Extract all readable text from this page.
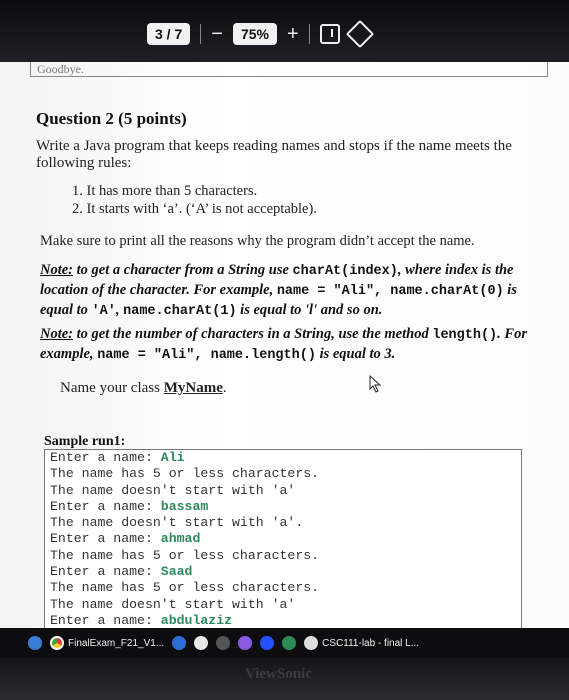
3 / 7	−	75% +
Goodbye.
Question 2 (5 points)
Write a Java program that keeps reading names and stops if the name meets the following rules:
1. It has more than 5 characters.
2. It starts with ‘a’. (‘A’ is not acceptable).
Make sure to print all the reasons why the program didn’t accept the name.
Note: to get a character from a String use charAt(index), where index is the location of the character. For example, name = "Ali", name.charAt(0) is equal to 'A', name.charAt(1) is equal to 'l' and so on.
Note: to get the number of characters in a String, use the method length(). For example, name = "Ali", name.length() is equal to 3.
Name your class MyName.
Sample run1:
Enter a name: Ali
The name has 5 or less characters.
The name doesn't start with 'a'
Enter a name: bassam
The name doesn't start with 'a'.
Enter a name: ahmad
The name has 5 or less characters.
Enter a name: Saad
The name has 5 or less characters.
The name doesn't start with 'a'
Enter a name: abdulaziz
FinalExam_F21_V1...	CSC111-lab - final L...
ViewSonic
